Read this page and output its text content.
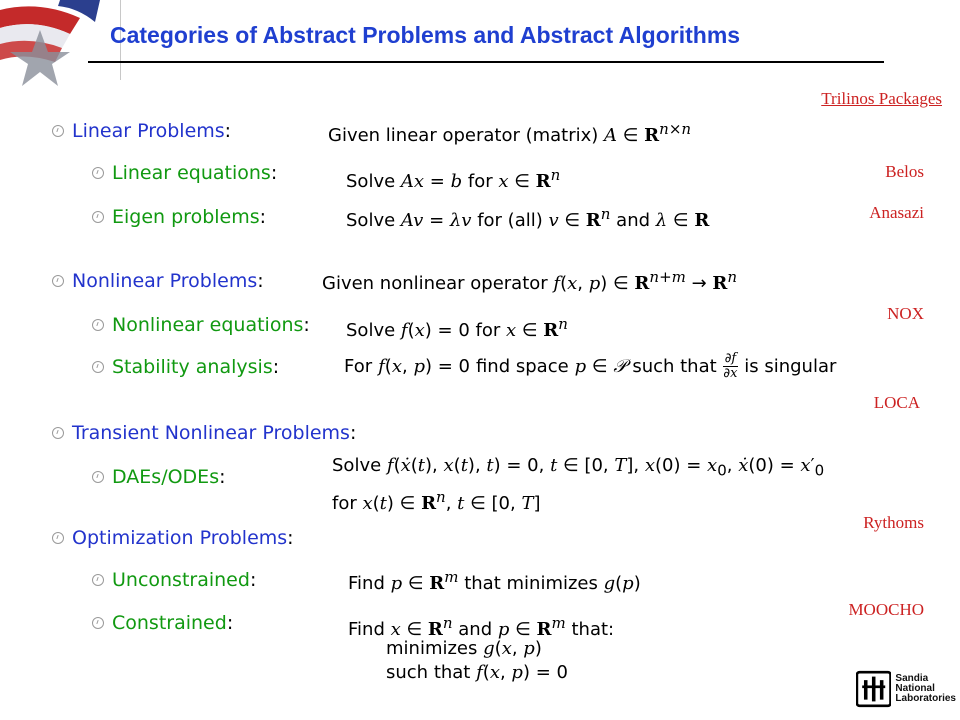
Categories of Abstract Problems and Abstract Algorithms
Trilinos Packages
Linear Problems:	Given linear operator (matrix) A ∈ $R^{n\times n}$
Linear equations:	Solve Ax = b for x ∈ $R^n$	Belos
Eigen problems:	Solve Av = λv for (all) v ∈ $R^n$ and λ ∈ R	Anasazi
Nonlinear Problems:	Given nonlinear operator f(x, p) ∈ $R^{n+m} \to R^n$
Nonlinear equations: Solve f(x) = 0 for x ∈ $R^n$
NOX
Stability analysis:	For f(x, p) = 0 find space p ∈ 𝒫 such that ∂f
∂x is singular
LOCA
Transient Nonlinear Problems:
DAEs/ODEs:
Solve f(ẋ(t), x(t), t) = 0, t ∈ [0, T], $x(0) = x_0$, ẋ(0) = $x'_0$
for x(t) ∈ $R^n$, t ∈ [0, T]
Rythoms
Optimization Problems:
Unconstrained:	Find p ∈ $R^m$ that minimizes g(p)
MOOCHO
Constrained:	Find x ∈ $R^n$ and p ∈ $R^m$ that:
minimizes g(x, p)
such that f(x, p) = 0	Sandia
National
Laboratories
